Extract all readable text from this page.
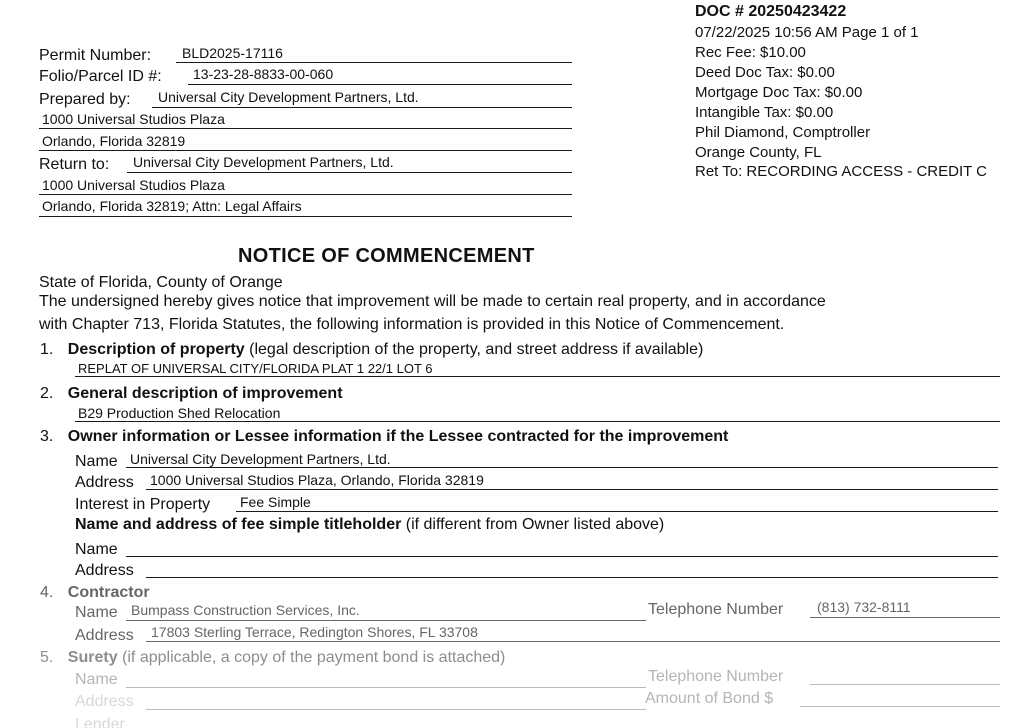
DOC # 20250423422
07/22/2025 10:56 AM Page 1 of 1
Rec Fee: $10.00
Deed Doc Tax: $0.00
Mortgage Doc Tax: $0.00
Intangible Tax: $0.00
Phil Diamond, Comptroller
Orange County, FL
Ret To: RECORDING ACCESS - CREDIT C
Permit Number: BLD2025-17116
Folio/Parcel ID #: 13-23-28-8833-00-060
Prepared by: Universal City Development Partners, Ltd.
1000 Universal Studios Plaza
Orlando, Florida 32819
Return to: Universal City Development Partners, Ltd.
1000 Universal Studios Plaza
Orlando, Florida 32819; Attn: Legal Affairs
NOTICE OF COMMENCEMENT
State of Florida, County of Orange
The undersigned hereby gives notice that improvement will be made to certain real property, and in accordance
with Chapter 713, Florida Statutes, the following information is provided in this Notice of Commencement.
1. Description of property (legal description of the property, and street address if available)
REPLAT OF UNIVERSAL CITY/FLORIDA PLAT 1 22/1 LOT 6
2. General description of improvement
B29 Production Shed Relocation
3. Owner information or Lessee information if the Lessee contracted for the improvement
Name Universal City Development Partners, Ltd.
Address 1000 Universal Studios Plaza, Orlando, Florida 32819
Interest in Property Fee Simple
Name and address of fee simple titleholder (if different from Owner listed above)
Name
Address
4. Contractor
Name Bumpass Construction Services, Inc.	Telephone Number (813) 732-8111
Address 17803 Sterling Terrace, Redington Shores, FL 33708
5. Surety (if applicable, a copy of the payment bond is attached)
Name	Telephone Number
Address	Amount of Bond $
Lender
